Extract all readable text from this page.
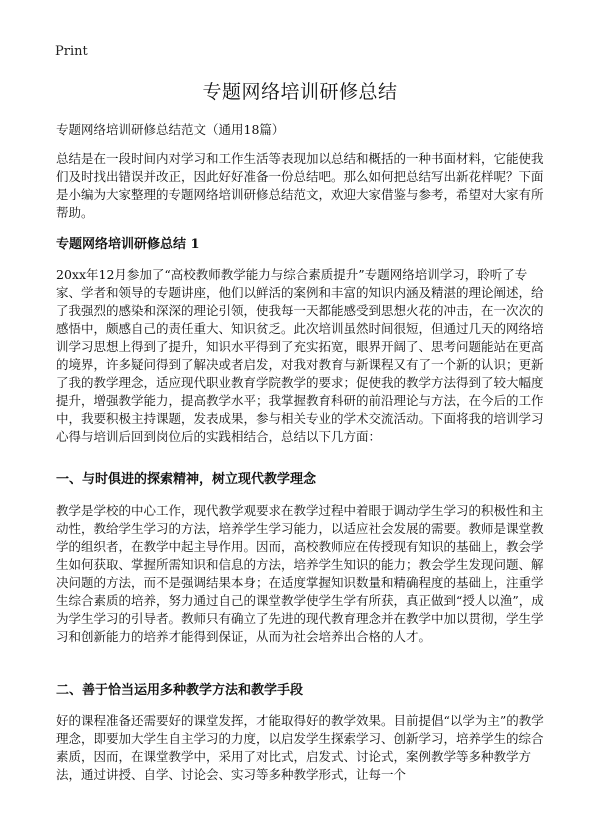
Print
专题网络培训研修总结
专题网络培训研修总结范文（通用18篇）
总结是在一段时间内对学习和工作生活等表现加以总结和概括的一种书面材料，它能使我们及时找出错误并改正，因此好好准备一份总结吧。那么如何把总结写出新花样呢？下面是小编为大家整理的专题网络培训研修总结范文，欢迎大家借鉴与参考，希望对大家有所帮助。
专题网络培训研修总结 1
20xx年12月参加了“高校教师教学能力与综合素质提升”专题网络培训学习，聆听了专家、学者和领导的专题讲座，他们以鲜活的案例和丰富的知识内涵及精湛的理论阐述，给了我强烈的感染和深深的理论引领，使我每一天都能感受到思想火花的冲击，在一次次的感悟中，颇感自己的责任重大、知识贫乏。此次培训虽然时间很短，但通过几天的网络培训学习思想上得到了提升，知识水平得到了充实拓宽，眼界开阔了、思考问题能站在更高的境界，许多疑问得到了解决或者启发，对我对教育与新课程又有了一个新的认识；更新了我的教学理念，适应现代职业教育学院教学的要求；促使我的教学方法得到了较大幅度提升，增强教学能力，提高教学水平；我掌握教育科研的前沿理论与方法，在今后的工作中，我要积极主持课题，发表成果，参与相关专业的学术交流活动。下面将我的培训学习心得与培训后回到岗位后的实践相结合，总结以下几方面：
一、与时俱进的探索精神，树立现代教学理念
教学是学校的中心工作，现代教学观要求在教学过程中着眼于调动学生学习的积极性和主动性，教给学生学习的方法，培养学生学习能力，以适应社会发展的需要。教师是课堂教学的组织者，在教学中起主导作用。因而，高校教师应在传授现有知识的基础上，教会学生如何获取、掌握所需知识和信息的方法，培养学生知识的能力；教会学生发现问题、解决问题的方法，而不是强调结果本身；在适度掌握知识数量和精确程度的基础上，注重学生综合素质的培养，努力通过自己的课堂教学使学生学有所获，真正做到“授人以渔”，成为学生学习的引导者。教师只有确立了先进的现代教育理念并在教学中加以贯彻，学生学习和创新能力的培养才能得到保证，从而为社会培养出合格的人才。
二、善于恰当运用多种教学方法和教学手段
好的课程准备还需要好的课堂发挥，才能取得好的教学效果。目前提倡“以学为主”的教学理念，即要加大学生自主学习的力度，以启发学生探索学习、创新学习，培养学生的综合素质，因而，在课堂教学中，采用了对比式，启发式、讨论式，案例教学等多种教学方法，通过讲授、自学、讨论会、实习等多种教学形式，让每一个
